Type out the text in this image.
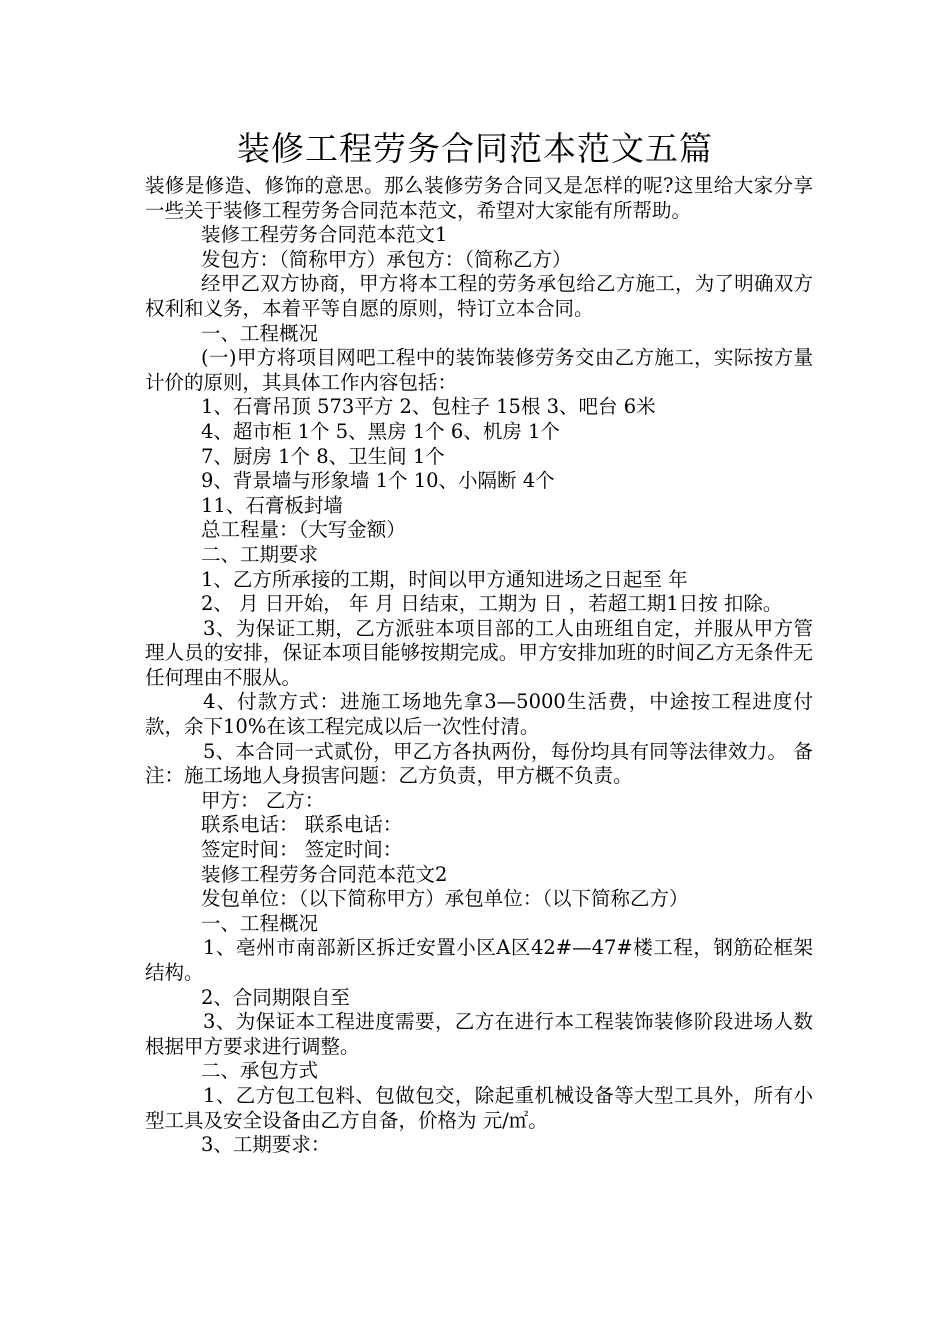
装修工程劳务合同范本范文五篇

装修是修造、修饰的意思。那么装修劳务合同又是怎样的呢?这里给大家分享一些关于装修工程劳务合同范本范文，希望对大家能有所帮助。

装修工程劳务合同范本范文1

发包方：（简称甲方）承包方：（简称乙方）

经甲乙双方协商，甲方将本工程的劳务承包给乙方施工，为了明确双方权利和义务，本着平等自愿的原则，特订立本合同。

一、工程概况

(一)甲方将项目网吧工程中的装饰装修劳务交由乙方施工，实际按方量计价的原则，其具体工作内容包括：

1、石膏吊顶 573平方 2、包柱子 15根 3、吧台 6米

4、超市柜 1个 5、黑房 1个 6、机房 1个

7、厨房 1个 8、卫生间 1个

9、背景墙与形象墙 1个 10、小隔断 4个

11、石膏板封墙

总工程量：（大写金额）

二、工期要求

1、乙方所承接的工期，时间以甲方通知进场之日起至 年

2、 月 日开始， 年 月 日结束，工期为 日 ，若超工期1日按 扣除。

3、为保证工期，乙方派驻本项目部的工人由班组自定，并服从甲方管理人员的安排，保证本项目能够按期完成。甲方安排加班的时间乙方无条件无任何理由不服从。

4、付款方式：进施工场地先拿3—5000生活费，中途按工程进度付款，余下10%在该工程完成以后一次性付清。

5、本合同一式贰份，甲乙方各执两份，每份均具有同等法律效力。 备注：施工场地人身损害问题：乙方负责，甲方概不负责。

甲方： 乙方：

联系电话： 联系电话：

签定时间： 签定时间：

装修工程劳务合同范本范文2

发包单位：（以下简称甲方）承包单位：（以下简称乙方）

一、工程概况

1、亳州市南部新区拆迁安置小区A区42#—47#楼工程，钢筋砼框架结构。

2、合同期限自至

3、为保证本工程进度需要，乙方在进行本工程装饰装修阶段进场人数根据甲方要求进行调整。

二、承包方式

1、乙方包工包料、包做包交，除起重机械设备等大型工具外，所有小型工具及安全设备由乙方自备，价格为 元/㎡。

3、工期要求：
